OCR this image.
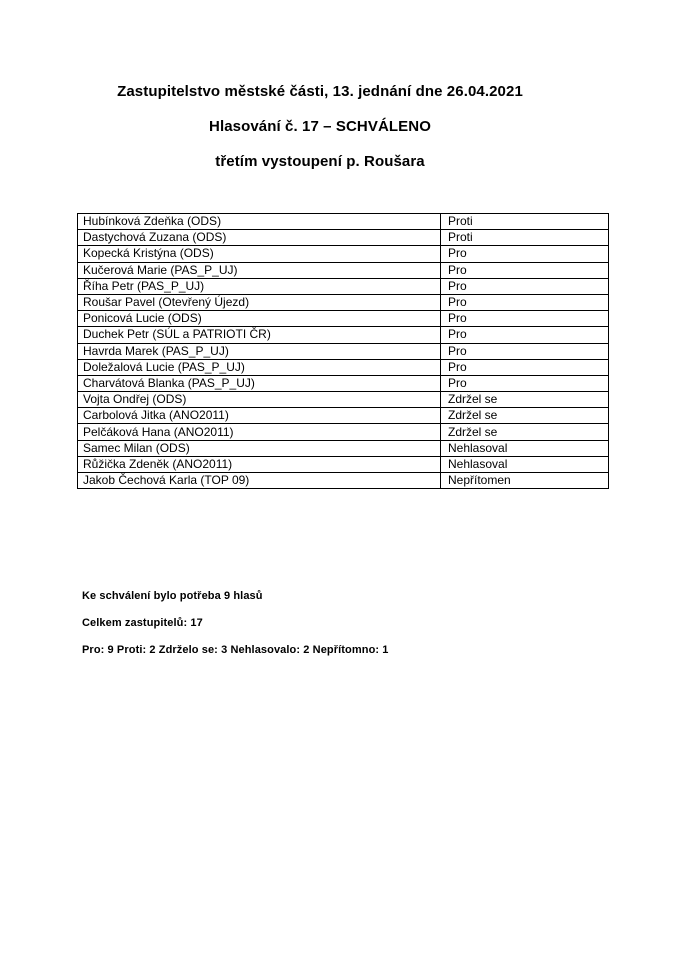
Zastupitelstvo městské části, 13. jednání dne 26.04.2021
Hlasování č. 17 – SCHVÁLENO
třetím vystoupení p. Roušara
Hubínková Zdeňka (ODS)	Proti
Dastychová Zuzana (ODS)	Proti
Kopecká Kristýna (ODS)	Pro
Kučerová Marie (PAS_P_UJ)	Pro
Říha Petr (PAS_P_UJ)	Pro
Roušar Pavel (Otevřený Újezd)	Pro
Ponicová Lucie (ODS)	Pro
Duchek Petr (SÚL a PATRIOTI ČR)	Pro
Havrda Marek (PAS_P_UJ)	Pro
Doležalová Lucie (PAS_P_UJ)	Pro
Charvátová Blanka (PAS_P_UJ)	Pro
Vojta Ondřej (ODS)	Zdržel se
Carbolová Jitka (ANO2011)	Zdržel se
Pelčáková Hana (ANO2011)	Zdržel se
Samec Milan (ODS)	Nehlasoval
Růžička Zdeněk (ANO2011)	Nehlasoval
Jakob Čechová Karla (TOP 09)	Nepřítomen

Ke schválení bylo potřeba 9 hlasů

Celkem zastupitelů: 17

Pro: 9 Proti: 2 Zdrželo se: 3 Nehlasovalo: 2 Nepřítomno: 1
